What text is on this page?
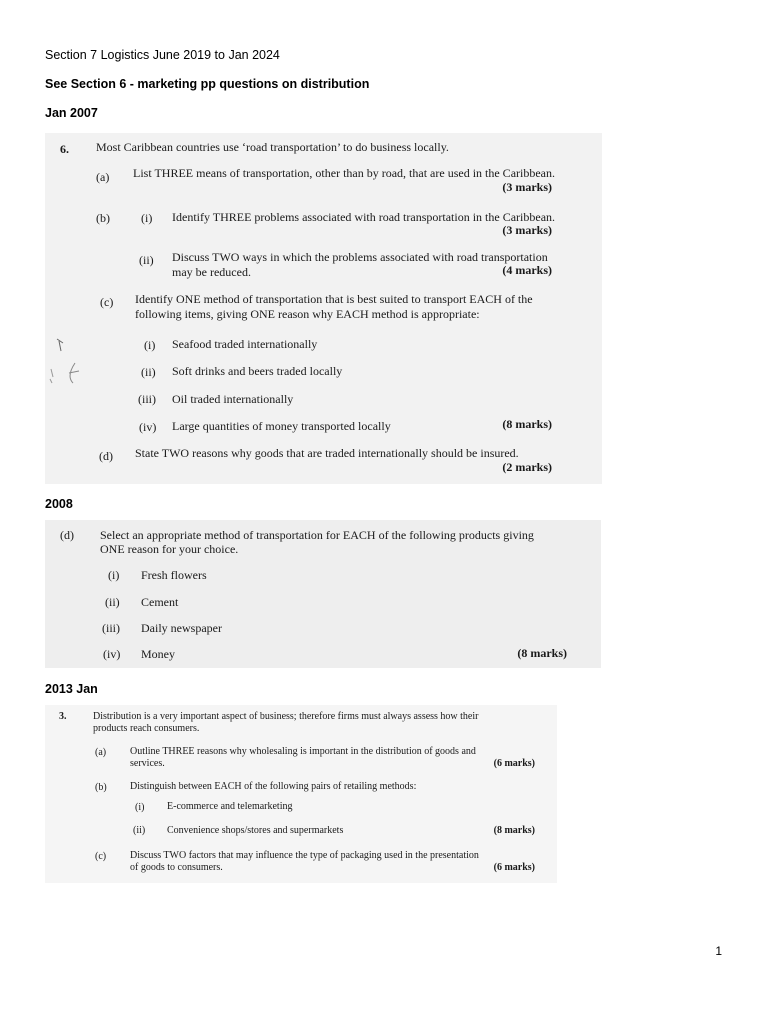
Section 7 Logistics June 2019 to Jan 2024
See Section 6 - marketing pp questions on distribution
Jan 2007
6. Most Caribbean countries use ‘road transportation’ to do business locally.
(a) List THREE means of transportation, other than by road, that are used in the Caribbean.
(3 marks)
(b)	(i) Identify THREE problems associated with road transportation in the Caribbean.
(3 marks)
(ii) Discuss TWO ways in which the problems associated with road transportation
may be reduced.	(4 marks)
(c) Identify ONE method of transportation that is best suited to transport EACH of the
following items, giving ONE reason why EACH method is appropriate:
(i) Seafood traded internationally
(ii) Soft drinks and beers traded locally
(iii) Oil traded internationally
(iv) Large quantities of money transported locally	(8 marks)
(d) State TWO reasons why goods that are traded internationally should be insured.
(2 marks)
2008
(d) Select an appropriate method of transportation for EACH of the following products giving
ONE reason for your choice.
(i) Fresh flowers
(ii) Cement
(iii) Daily newspaper
(iv) Money	(8 marks)
2013 Jan
3.	Distribution is a very important aspect of business; therefore firms must always assess how their
products reach consumers.
(a) Outline THREE reasons why wholesaling is important in the distribution of goods and
services.	(6 marks)
(b) Distinguish between EACH of the following pairs of retailing methods:
(i) E-commerce and telemarketing
(ii) Convenience shops/stores and supermarkets	(8 marks)
(c) Discuss TWO factors that may influence the type of packaging used in the presentation
of goods to consumers.	(6 marks)
1
